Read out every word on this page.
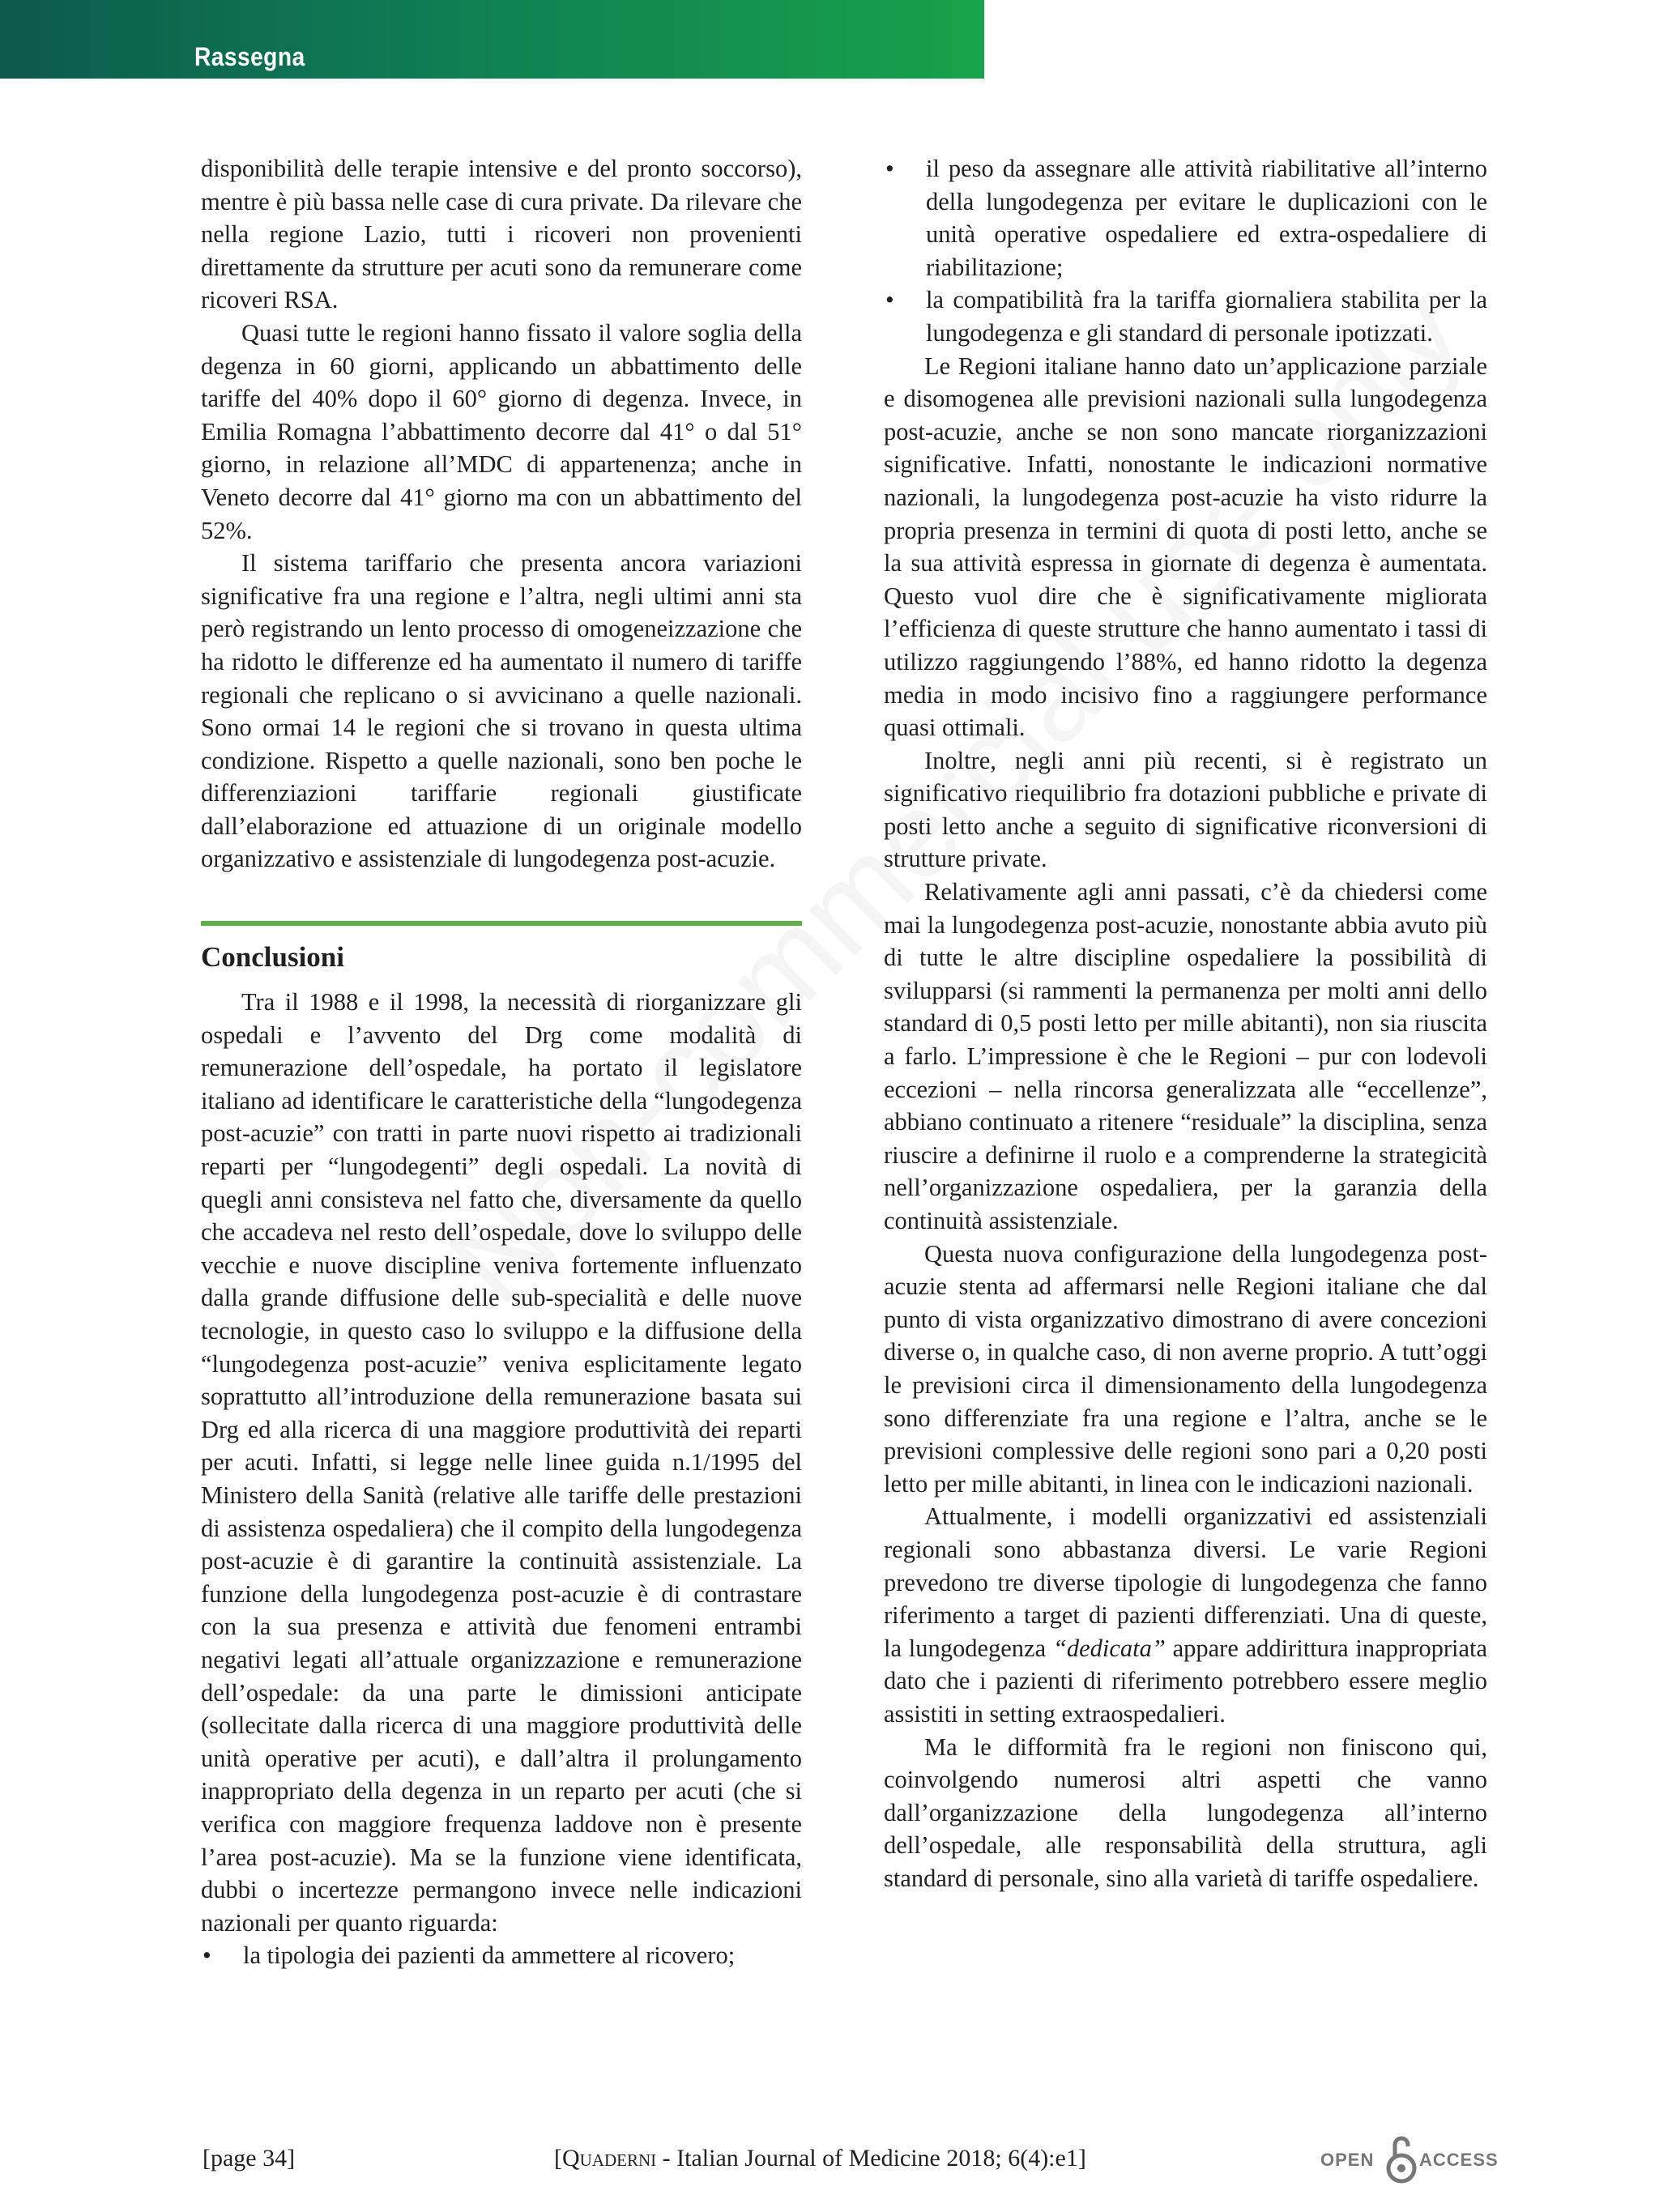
Rassegna

disponibilità delle terapie intensive e del pronto soccorso), mentre è più bassa nelle case di cura private. Da rilevare che nella regione Lazio, tutti i ricoveri non provenienti direttamente da strutture per acuti sono da remunerare come ricoveri RSA.

Quasi tutte le regioni hanno fissato il valore soglia della degenza in 60 giorni, applicando un abbattimento delle tariffe del 40% dopo il 60° giorno di degenza. Invece, in Emilia Romagna l’abbattimento decorre dal 41° o dal 51° giorno, in relazione all’MDC di appartenenza; anche in Veneto decorre dal 41° giorno ma con un abbattimento del 52%.

Il sistema tariffario che presenta ancora variazioni significative fra una regione e l’altra, negli ultimi anni sta però registrando un lento processo di omogeneizzazione che ha ridotto le differenze ed ha aumentato il numero di tariffe regionali che replicano o si avvicinano a quelle nazionali. Sono ormai 14 le regioni che si trovano in questa ultima condizione. Rispetto a quelle nazionali, sono ben poche le differenziazioni tariffarie regionali giustificate dall’elaborazione ed attuazione di un originale modello organizzativo e assistenziale di lungodegenza post-acuzie.

Conclusioni

Tra il 1988 e il 1998, la necessità di riorganizzare gli ospedali e l’avvento del Drg come modalità di remunerazione dell’ospedale, ha portato il legislatore italiano ad identificare le caratteristiche della “lungodegenza post-acuzie” con tratti in parte nuovi rispetto ai tradizionali reparti per “lungodegenti” degli ospedali. La novità di quegli anni consisteva nel fatto che, diversamente da quello che accadeva nel resto dell’ospedale, dove lo sviluppo delle vecchie e nuove discipline veniva fortemente influenzato dalla grande diffusione delle sub-specialità e delle nuove tecnologie, in questo caso lo sviluppo e la diffusione della “lungodegenza post-acuzie” veniva esplicitamente legato soprattutto all’introduzione della remunerazione basata sui Drg ed alla ricerca di una maggiore produttività dei reparti per acuti. Infatti, si legge nelle linee guida n.1/1995 del Ministero della Sanità (relative alle tariffe delle prestazioni di assistenza ospedaliera) che il compito della lungodegenza post-acuzie è di garantire la continuità assistenziale. La funzione della lungodegenza post-acuzie è di contrastare con la sua presenza e attività due fenomeni entrambi negativi legati all’attuale organizzazione e remunerazione dell’ospedale: da una parte le dimissioni anticipate (sollecitate dalla ricerca di una maggiore produttività delle unità operative per acuti), e dall’altra il prolungamento inappropriato della degenza in un reparto per acuti (che si verifica con maggiore frequenza laddove non è presente l’area post-acuzie). Ma se la funzione viene identificata, dubbi o incertezze permangono invece nelle indicazioni nazionali per quanto riguarda:

• la tipologia dei pazienti da ammettere al ricovero;
• il peso da assegnare alle attività riabilitative all’interno della lungodegenza per evitare le duplicazioni con le unità operative ospedaliere ed extra-ospedaliere di riabilitazione;
• la compatibilità fra la tariffa giornaliera stabilita per la lungodegenza e gli standard di personale ipotizzati.

Le Regioni italiane hanno dato un’applicazione parziale e disomogenea alle previsioni nazionali sulla lungodegenza post-acuzie, anche se non sono mancate riorganizzazioni significative. Infatti, nonostante le indicazioni normative nazionali, la lungodegenza post-acuzie ha visto ridurre la propria presenza in termini di quota di posti letto, anche se la sua attività espressa in giornate di degenza è aumentata. Questo vuol dire che è significativamente migliorata l’efficienza di queste strutture che hanno aumentato i tassi di utilizzo raggiungendo l’88%, ed hanno ridotto la degenza media in modo incisivo fino a raggiungere performance quasi ottimali.

Inoltre, negli anni più recenti, si è registrato un significativo riequilibrio fra dotazioni pubbliche e private di posti letto anche a seguito di significative riconversioni di strutture private.

Relativamente agli anni passati, c’è da chiedersi come mai la lungodegenza post-acuzie, nonostante abbia avuto più di tutte le altre discipline ospedaliere la possibilità di svilupparsi (si rammenti la permanenza per molti anni dello standard di 0,5 posti letto per mille abitanti), non sia riuscita a farlo. L’impressione è che le Regioni – pur con lodevoli eccezioni – nella rincorsa generalizzata alle “eccellenze”, abbiano continuato a ritenere “residuale” la disciplina, senza riuscire a definirne il ruolo e a comprenderne la strategicità nell’organizzazione ospedaliera, per la garanzia della continuità assistenziale.

Questa nuova configurazione della lungodegenza post-acuzie stenta ad affermarsi nelle Regioni italiane che dal punto di vista organizzativo dimostrano di avere concezioni diverse o, in qualche caso, di non averne proprio. A tutt’oggi le previsioni circa il dimensionamento della lungodegenza sono differenziate fra una regione e l’altra, anche se le previsioni complessive delle regioni sono pari a 0,20 posti letto per mille abitanti, in linea con le indicazioni nazionali.

Attualmente, i modelli organizzativi ed assistenziali regionali sono abbastanza diversi. Le varie Regioni prevedono tre diverse tipologie di lungodegenza che fanno riferimento a target di pazienti differenziati. Una di queste, la lungodegenza “dedicata” appare addirittura inappropriata dato che i pazienti di riferimento potrebbero essere meglio assistiti in setting extraospedalieri.

Ma le difformità fra le regioni non finiscono qui, coinvolgendo numerosi altri aspetti che vanno dall’organizzazione della lungodegenza all’interno dell’ospedale, alle responsabilità della struttura, agli standard di personale, sino alla varietà di tariffe ospedaliere.

[page 34]	[Quaderni - Italian Journal of Medicine 2018; 6(4):e1]	OPEN	ACCESS
